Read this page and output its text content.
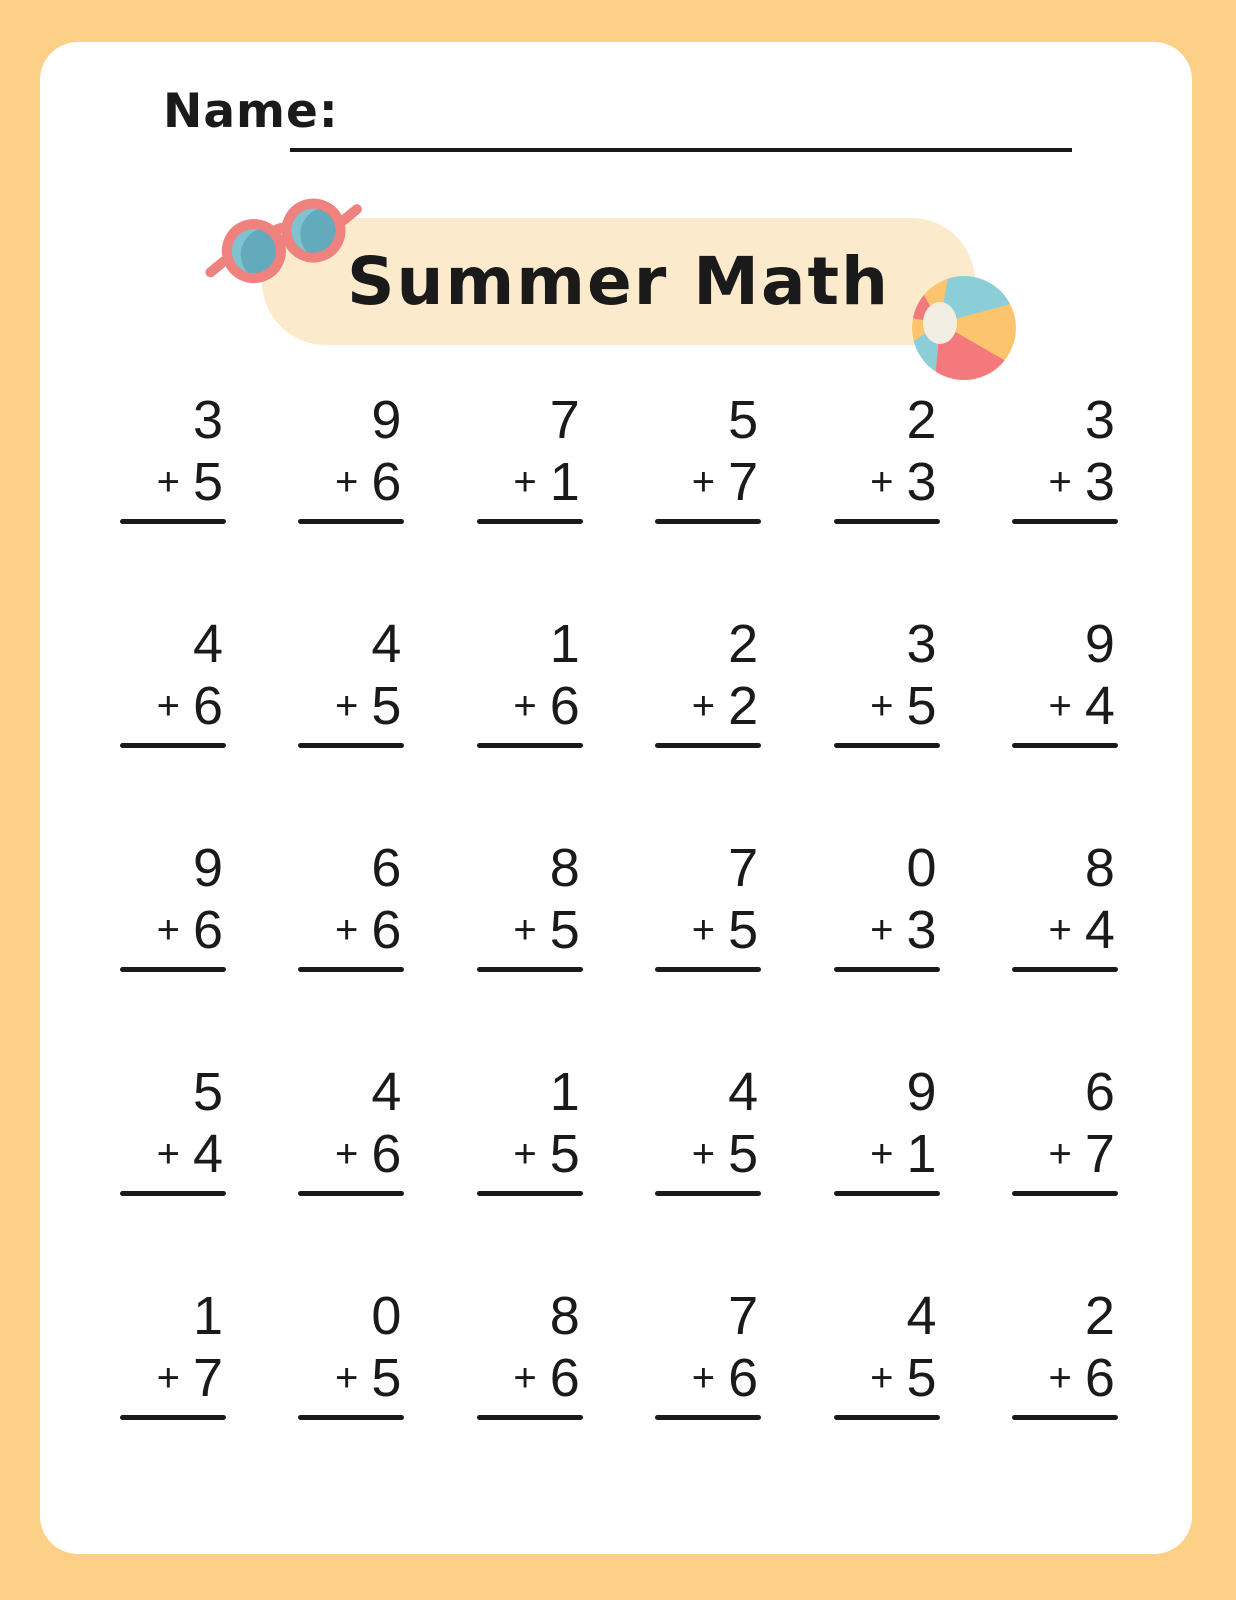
Name:
Summer Math
3
+ 5
9
+ 6
7
+ 1
5
+ 7
2
+ 3
3
+ 3
4
+ 6
4
+ 5
1
+ 6
2
+ 2
3
+ 5
9
+ 4
9
+ 6
6
+ 6
8
+ 5
7
+ 5
0
+ 3
8
+ 4
5
+ 4
4
+ 6
1
+ 5
4
+ 5
9
+ 1
6
+ 7
1
+ 7
0
+ 5
8
+ 6
7
+ 6
4
+ 5
2
+ 6
